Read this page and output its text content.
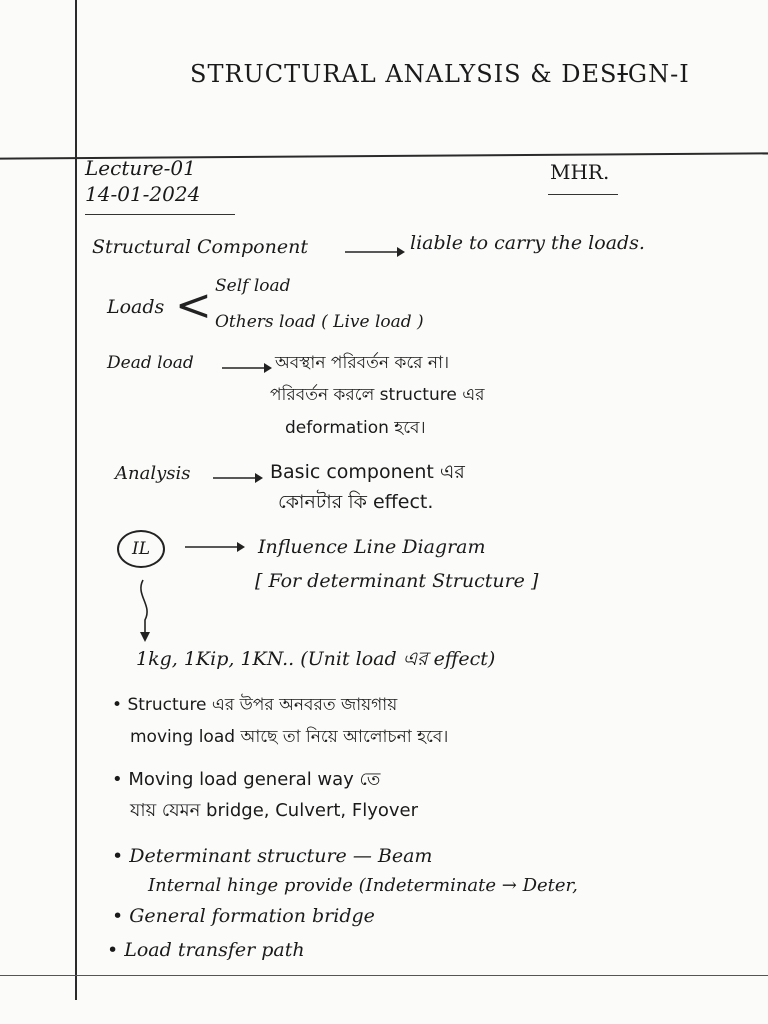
STRUCTURAL ANALYSIS & DESIGN-I
Lecture-01
14-01-2024
MHR.
Structural Component	liable to carry the loads.
Loads < Self load
Others load ( Live load )
Dead load	অবস্থান পরিবর্তন করে না।
পরিবর্তন করলে structure এর
deformation হবে।
Analysis	Basic component এর
কোনটার কি effect.
IL	Influence Line Diagram
[ For determinant Structure ]
1kg, 1Kip, 1KN.. (Unit load এর effect)
• Structure এর উপর অনবরত জায়গায়
moving load আছে তা নিয়ে আলোচনা হবে।
• Moving load general way তে
যায় যেমন bridge, Culvert, Flyover
• Determinant structure — Beam
Internal hinge provide (Indeterminate → Deter,
• General formation bridge
• Load transfer path
